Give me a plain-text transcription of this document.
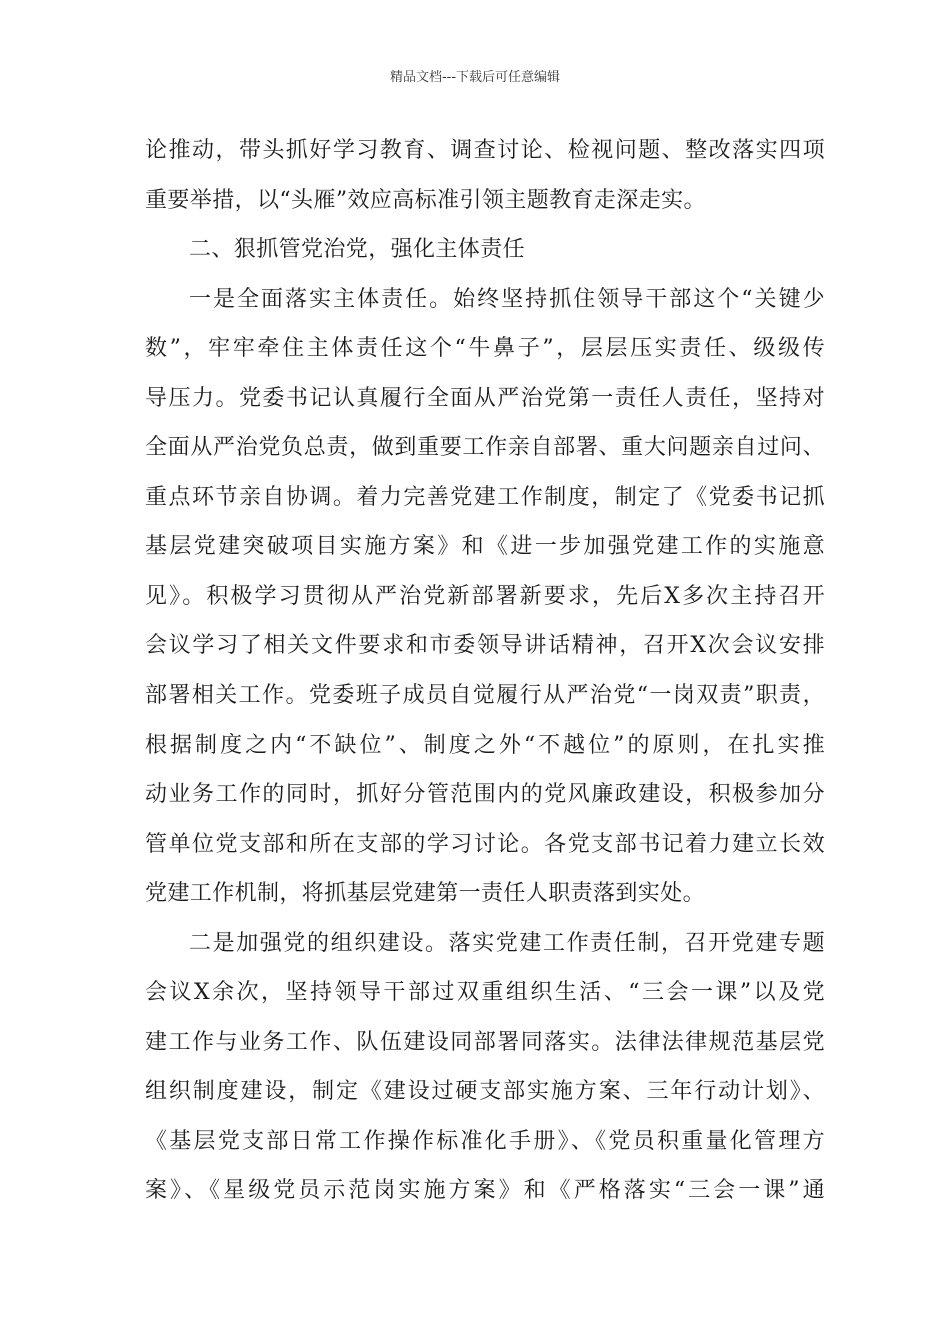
精品文档---下载后可任意编辑
论推动，带头抓好学习教育、调查讨论、检视问题、整改落实四项
重要举措，以“头雁”效应高标准引领主题教育走深走实。
二、狠抓管党治党，强化主体责任
一是全面落实主体责任。始终坚持抓住领导干部这个“关键少
数”，牢牢牵住主体责任这个“牛鼻子”，层层压实责任、级级传
导压力。党委书记认真履行全面从严治党第一责任人责任，坚持对
全面从严治党负总责，做到重要工作亲自部署、重大问题亲自过问、
重点环节亲自协调。着力完善党建工作制度，制定了《党委书记抓
基层党建突破项目实施方案》和《进一步加强党建工作的实施意
见》。积极学习贯彻从严治党新部署新要求，先后X多次主持召开
会议学习了相关文件要求和市委领导讲话精神，召开X次会议安排
部署相关工作。党委班子成员自觉履行从严治党“一岗双责”职责，
根据制度之内“不缺位”、制度之外“不越位”的原则，在扎实推
动业务工作的同时，抓好分管范围内的党风廉政建设，积极参加分
管单位党支部和所在支部的学习讨论。各党支部书记着力建立长效
党建工作机制，将抓基层党建第一责任人职责落到实处。
二是加强党的组织建设。落实党建工作责任制，召开党建专题
会议X余次，坚持领导干部过双重组织生活、“三会一课”以及党
建工作与业务工作、队伍建设同部署同落实。法律法律规范基层党
组织制度建设，制定《建设过硬支部实施方案、三年行动计划》、
《基层党支部日常工作操作标准化手册》、《党员积重量化管理方
案》、《星级党员示范岗实施方案》和《严格落实“三会一课”通
